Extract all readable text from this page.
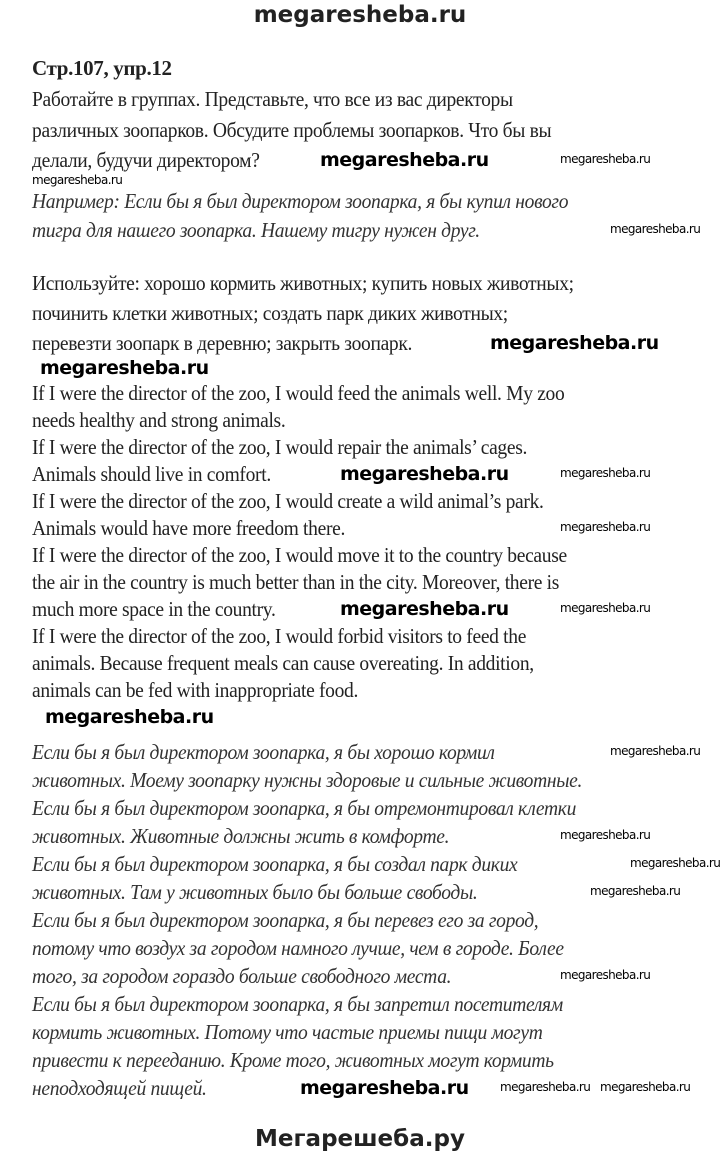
megaresheba.ru
Стр.107, упр.12
Работайте в группах. Представьте, что все из вас директоры
различных зоопарков. Обсудите проблемы зоопарков. Что бы вы
делали, будучи директором?
Например: Если бы я был директором зоопарка, я бы купил нового
тигра для нашего зоопарка. Нашему тигру нужен друг.
Используйте: хорошо кормить животных; купить новых животных;
починить клетки животных; создать парк диких животных;
перевезти зоопарк в деревню; закрыть зоопарк.
If I were the director of the zoo, I would feed the animals well. My zoo
needs healthy and strong animals.
If I were the director of the zoo, I would repair the animals’ cages.
Animals should live in comfort.
If I were the director of the zoo, I would create a wild animal’s park.
Animals would have more freedom there.
If I were the director of the zoo, I would move it to the country because
the air in the country is much better than in the city. Moreover, there is
much more space in the country.
If I were the director of the zoo, I would forbid visitors to feed the
animals. Because frequent meals can cause overeating. In addition,
animals can be fed with inappropriate food.
Если бы я был директором зоопарка, я бы хорошо кормил
животных. Моему зоопарку нужны здоровые и сильные животные.
Если бы я был директором зоопарка, я бы отремонтировал клетки
животных. Животные должны жить в комфорте.
Если бы я был директором зоопарка, я бы создал парк диких
животных. Там у животных было бы больше свободы.
Если бы я был директором зоопарка, я бы перевез его за город,
потому что воздух за городом намного лучше, чем в городе. Более
того, за городом гораздо больше свободного места.
Если бы я был директором зоопарка, я бы запретил посетителям
кормить животных. Потому что частые приемы пищи могут
привести к перееданию. Кроме того, животных могут кормить
неподходящей пищей.
megaresheba.ru
megaresheba.ru
megaresheba.ru
megaresheba.ru
megaresheba.ru
megaresheba.ru
megaresheba.ru	megaresheba.ru
megaresheba.ru
megaresheba.ru	megaresheba.ru
megaresheba.ru
megaresheba.ru
megaresheba.ru
megaresheba.ru
megaresheba.ru
megaresheba.ru
megaresheba.ru	megaresheba.ru megaresheba.ru
Мегарешеба.ру
